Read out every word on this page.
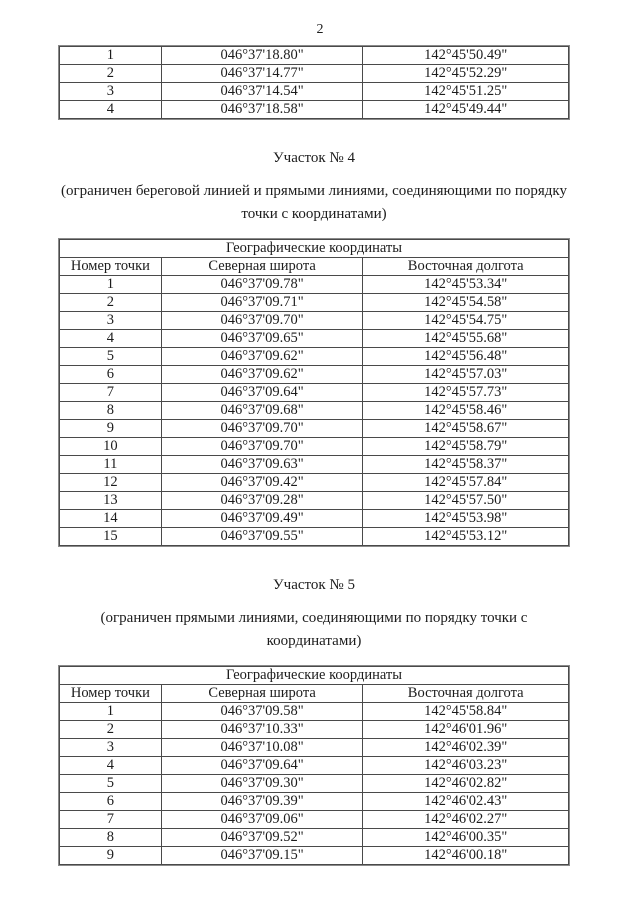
2
1	046°37'18.80"	142°45'50.49"
2	046°37'14.77"	142°45'52.29"
3	046°37'14.54"	142°45'51.25"
4	046°37'18.58"	142°45'49.44"

Участок № 4

(ограничен береговой линией и прямыми линиями, соединяющими по порядку точки с координатами)

Географические координаты		
Номер точки	Северная широта	Восточная долгота
1	046°37'09.78"	142°45'53.34"
2	046°37'09.71"	142°45'54.58"
3	046°37'09.70"	142°45'54.75"
4	046°37'09.65"	142°45'55.68"
5	046°37'09.62"	142°45'56.48"
6	046°37'09.62"	142°45'57.03"
7	046°37'09.64"	142°45'57.73"
8	046°37'09.68"	142°45'58.46"
9	046°37'09.70"	142°45'58.67"
10	046°37'09.70"	142°45'58.79"
11	046°37'09.63"	142°45'58.37"
12	046°37'09.42"	142°45'57.84"
13	046°37'09.28"	142°45'57.50"
14	046°37'09.49"	142°45'53.98"
15	046°37'09.55"	142°45'53.12"

Участок № 5

(ограничен прямыми линиями, соединяющими по порядку точки с координатами)

Географические координаты		
Номер точки	Северная широта	Восточная долгота
1	046°37'09.58"	142°45'58.84"
2	046°37'10.33"	142°46'01.96"
3	046°37'10.08"	142°46'02.39"
4	046°37'09.64"	142°46'03.23"
5	046°37'09.30"	142°46'02.82"
6	046°37'09.39"	142°46'02.43"
7	046°37'09.06"	142°46'02.27"
8	046°37'09.52"	142°46'00.35"
9	046°37'09.15"	142°46'00.18"
